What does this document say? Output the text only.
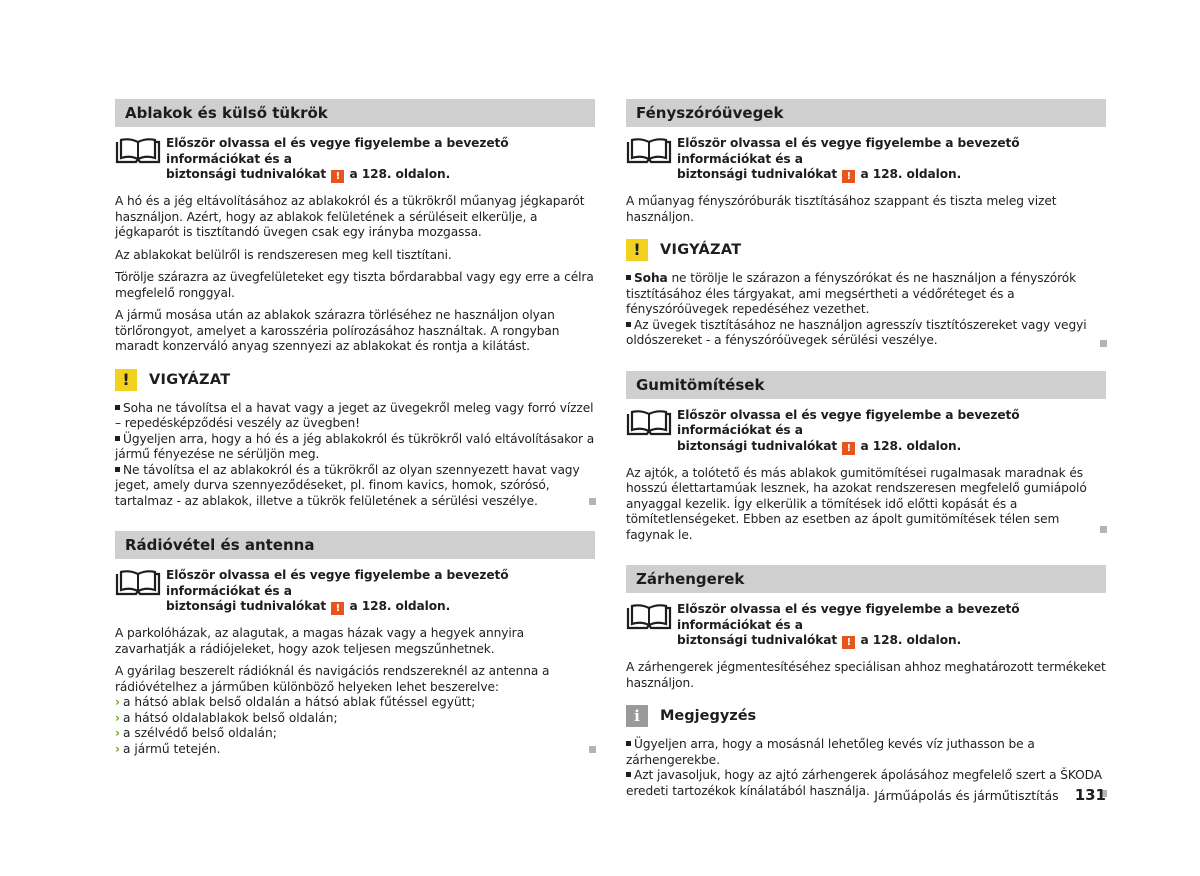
Ablakok és külső tükrök
Először olvassa el és vegye figyelembe a bevezető információkat és a
biztonsági tudnivalókat ! a 128. oldalon.

A hó és a jég eltávolításához az ablakokról és a tükrökről műanyag jégkaparót használjon. Azért, hogy az ablakok felületének a sérüléseit elkerülje, a jégkaparót is tisztítandó üvegen csak egy irányba mozgassa.

Az ablakokat belülről is rendszeresen meg kell tisztítani.

Törölje szárazra az üvegfelületeket egy tiszta bőrdarabbal vagy egy erre a célra megfelelő ronggyal.

A jármű mosása után az ablakok szárazra törléséhez ne használjon olyan törlőrongyot, amelyet a karosszéria polírozásához használtak. A rongyban maradt konzerváló anyag szennyezi az ablakokat és rontja a kilátást.

!	VIGYÁZAT

Soha ne távolítsa el a havat vagy a jeget az üvegekről meleg vagy forró vízzel – repedésképződési veszély az üvegben!

Ügyeljen arra, hogy a hó és a jég ablakokról és tükrökről való eltávolításakor a jármű fényezése ne sérüljön meg.

Ne távolítsa el az ablakokról és a tükrökről az olyan szennyezett havat vagy jeget, amely durva szennyeződéseket, pl. finom kavics, homok, szórósó, tartalmaz - az ablakok, illetve a tükrök felületének a sérülési veszélye.

Rádióvétel és antenna
Először olvassa el és vegye figyelembe a bevezető információkat és a
biztonsági tudnivalókat ! a 128. oldalon.

A parkolóházak, az alagutak, a magas házak vagy a hegyek annyira zavarhatják a rádiójeleket, hogy azok teljesen megszűnhetnek.

A gyárilag beszerelt rádióknál és navigációs rendszereknél az antenna a rádióvételhez a járműben különböző helyeken lehet beszerelve:

› a hátsó ablak belső oldalán a hátsó ablak fűtéssel együtt;

› a hátsó oldalablakok belső oldalán;

› a szélvédő belső oldalán;

› a jármű tetején.

Fényszóróüvegek
Először olvassa el és vegye figyelembe a bevezető információkat és a
biztonsági tudnivalókat ! a 128. oldalon.

A műanyag fényszóróburák tisztításához szappant és tiszta meleg vizet használjon.

!	VIGYÁZAT

Soha ne törölje le szárazon a fényszórókat és ne használjon a fényszórók tisztításához éles tárgyakat, ami megsértheti a védőréteget és a fényszóróüvegek repedéséhez vezethet.

Az üvegek tisztításához ne használjon agresszív tisztítószereket vagy vegyi oldószereket - a fényszóróüvegek sérülési veszélye.

Gumitömítések
Először olvassa el és vegye figyelembe a bevezető információkat és a
biztonsági tudnivalókat ! a 128. oldalon.

Az ajtók, a tolótető és más ablakok gumitömítései rugalmasak maradnak és hosszú élettartamúak lesznek, ha azokat rendszeresen megfelelő gumiápoló anyaggal kezelik. Így elkerülik a tömítések idő előtti kopását és a tömítetlenségeket. Ebben az esetben az ápolt gumitömítések télen sem fagynak le.

Zárhengerek
Először olvassa el és vegye figyelembe a bevezető információkat és a
biztonsági tudnivalókat ! a 128. oldalon.

A zárhengerek jégmentesítéséhez speciálisan ahhoz meghatározott termékeket használjon.

i	Megjegyzés

Ügyeljen arra, hogy a mosásnál lehetőleg kevés víz juthasson be a zárhengerekbe.

Azt javasoljuk, hogy az ajtó zárhengerek ápolásához megfelelő szert a ŠKODA eredeti tartozékok kínálatából használja. Járműápolás és járműtisztítás 131
